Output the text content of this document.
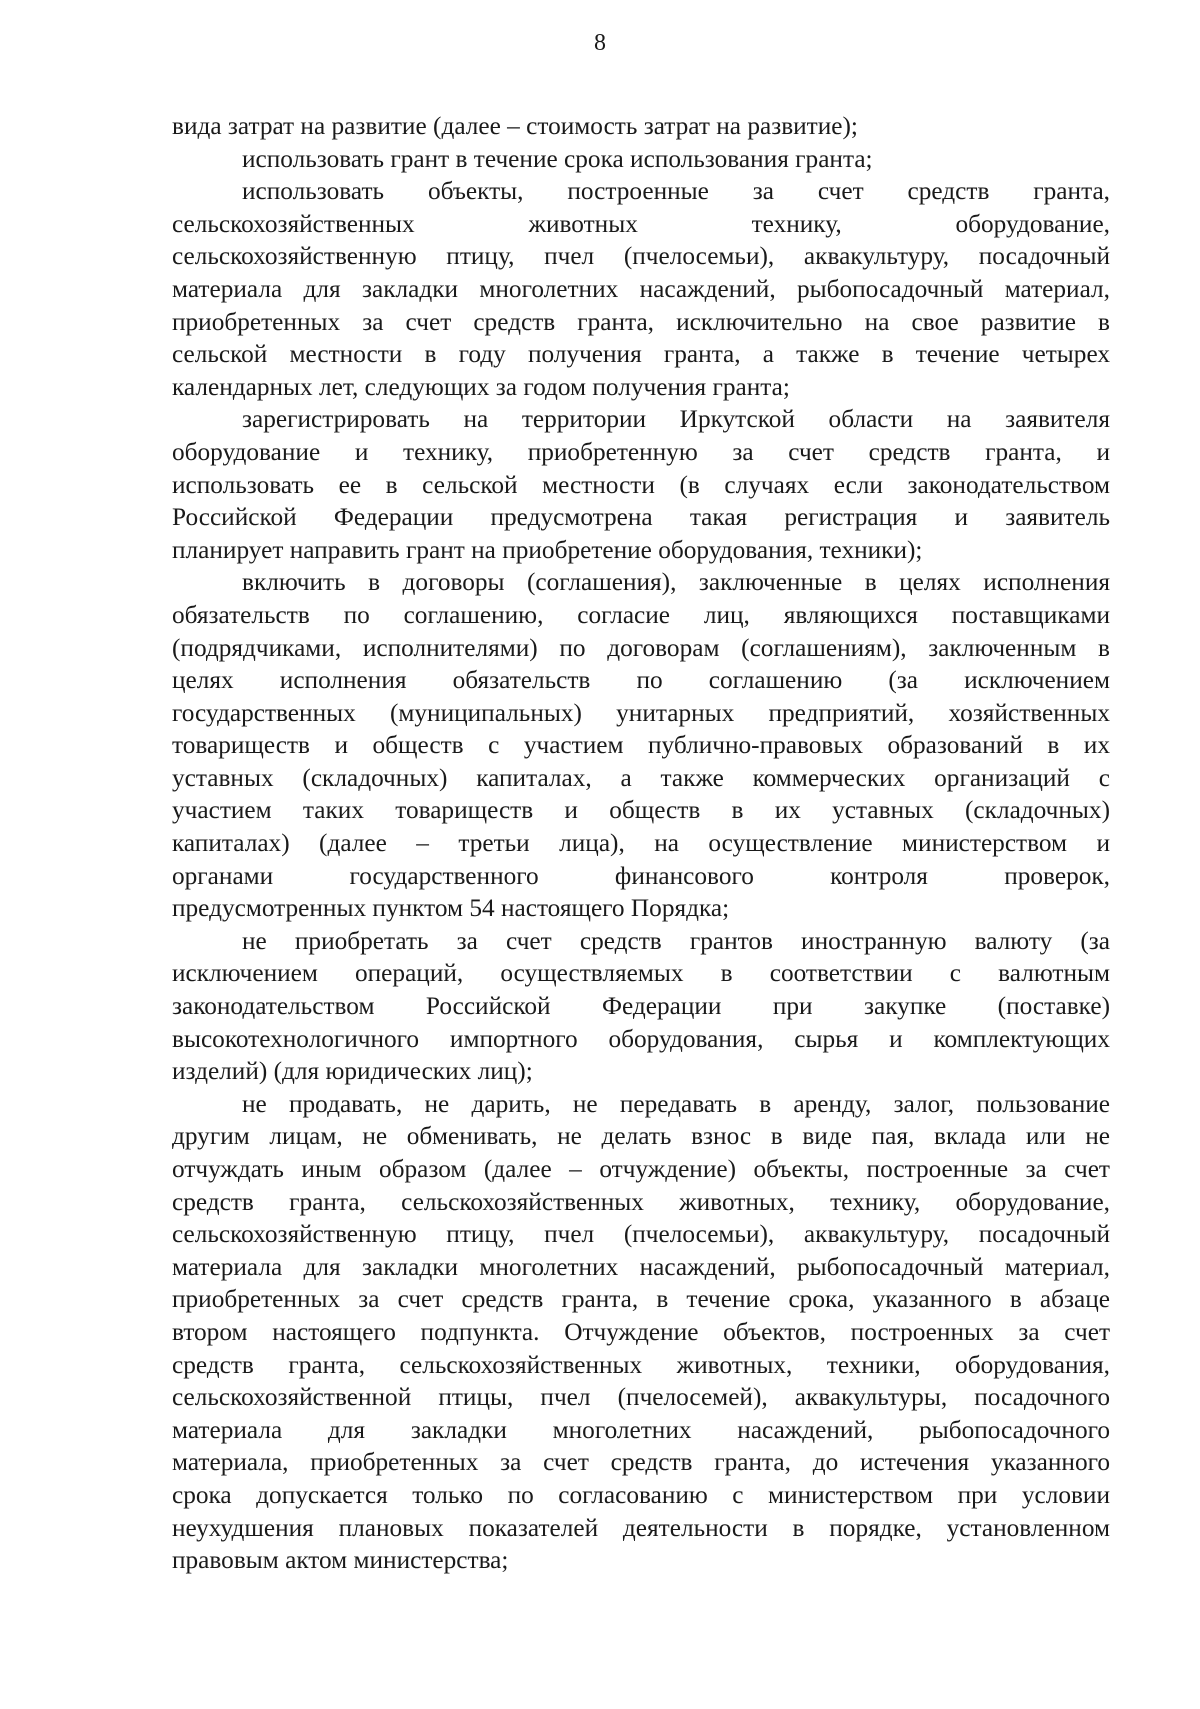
8
вида затрат на развитие (далее – стоимость затрат на развитие);
использовать грант в течение срока использования гранта;
использовать объекты, построенные за счет средств гранта,
сельскохозяйственных животных технику, оборудование,
сельскохозяйственную птицу, пчел (пчелосемьи), аквакультуру, посадочный
материала для закладки многолетних насаждений, рыбопосадочный материал,
приобретенных за счет средств гранта, исключительно на свое развитие в
сельской местности в году получения гранта, а также в течение четырех
календарных лет, следующих за годом получения гранта;
зарегистрировать на территории Иркутской области на заявителя
оборудование и технику, приобретенную за счет средств гранта, и
использовать ее в сельской местности (в случаях если законодательством
Российской Федерации предусмотрена такая регистрация и заявитель
планирует направить грант на приобретение оборудования, техники);
включить в договоры (соглашения), заключенные в целях исполнения
обязательств по соглашению, согласие лиц, являющихся поставщиками
(подрядчиками, исполнителями) по договорам (соглашениям), заключенным в
целях исполнения обязательств по соглашению (за исключением
государственных (муниципальных) унитарных предприятий, хозяйственных
товариществ и обществ с участием публично-правовых образований в их
уставных (складочных) капиталах, а также коммерческих организаций с
участием таких товариществ и обществ в их уставных (складочных)
капиталах) (далее – третьи лица), на осуществление министерством и
органами государственного финансового контроля проверок,
предусмотренных пунктом 54 настоящего Порядка;
не приобретать за счет средств грантов иностранную валюту (за
исключением операций, осуществляемых в соответствии с валютным
законодательством Российской Федерации при закупке (поставке)
высокотехнологичного импортного оборудования, сырья и комплектующих
изделий) (для юридических лиц);
не продавать, не дарить, не передавать в аренду, залог, пользование
другим лицам, не обменивать, не делать взнос в виде пая, вклада или не
отчуждать иным образом (далее – отчуждение) объекты, построенные за счет
средств гранта, сельскохозяйственных животных, технику, оборудование,
сельскохозяйственную птицу, пчел (пчелосемьи), аквакультуру, посадочный
материала для закладки многолетних насаждений, рыбопосадочный материал,
приобретенных за счет средств гранта, в течение срока, указанного в абзаце
втором настоящего подпункта. Отчуждение объектов, построенных за счет
средств гранта, сельскохозяйственных животных, техники, оборудования,
сельскохозяйственной птицы, пчел (пчелосемей), аквакультуры, посадочного
материала для закладки многолетних насаждений, рыбопосадочного
материала, приобретенных за счет средств гранта, до истечения указанного
срока допускается только по согласованию с министерством при условии
неухудшения плановых показателей деятельности в порядке, установленном
правовым актом министерства;
